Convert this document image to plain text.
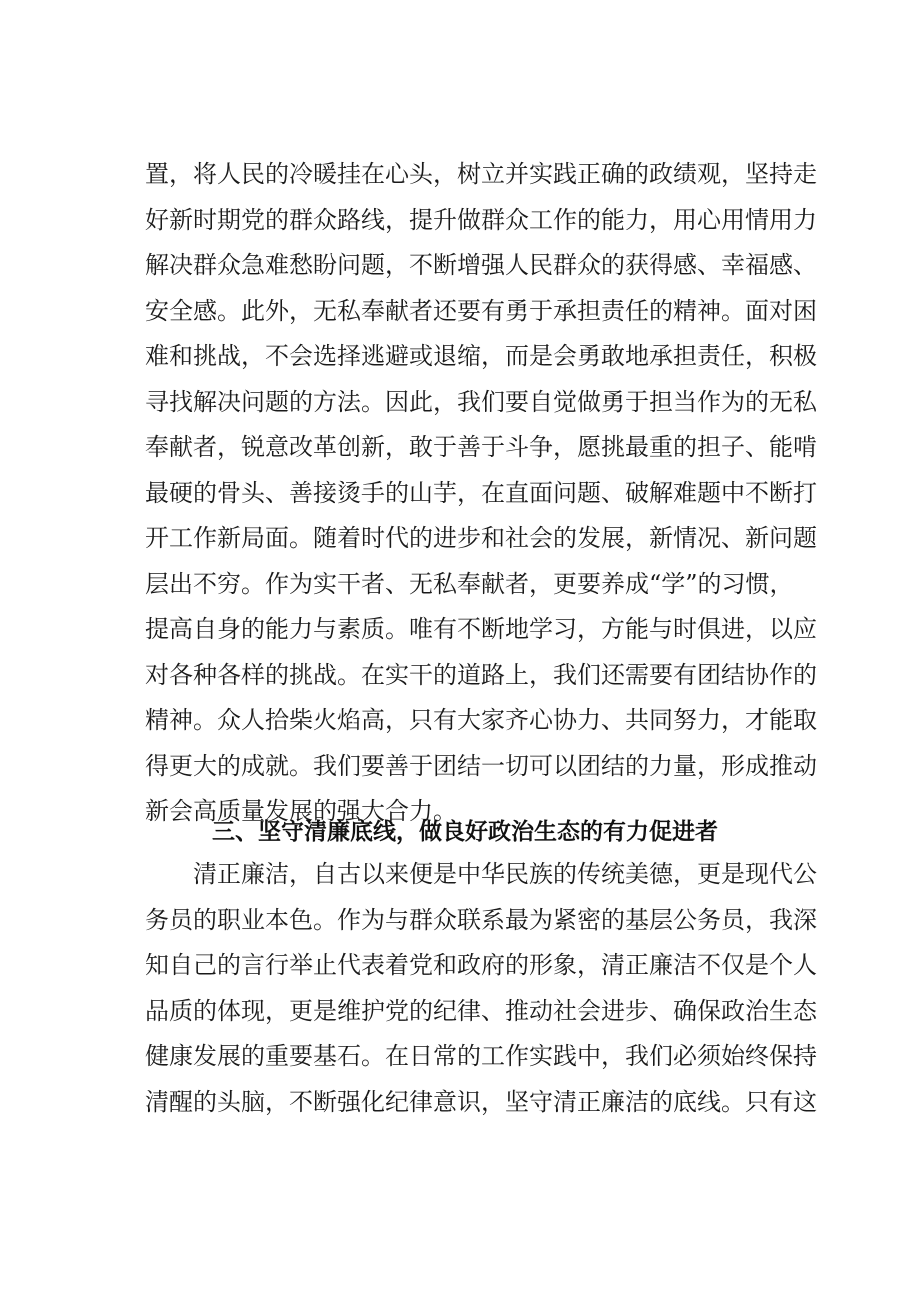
置，将人民的冷暖挂在心头，树立并实践正确的政绩观，坚持走
好新时期党的群众路线，提升做群众工作的能力，用心用情用力
解决群众急难愁盼问题，不断增强人民群众的获得感、幸福感、
安全感。此外，无私奉献者还要有勇于承担责任的精神。面对困
难和挑战，不会选择逃避或退缩，而是会勇敢地承担责任，积极
寻找解决问题的方法。因此，我们要自觉做勇于担当作为的无私
奉献者，锐意改革创新，敢于善于斗争，愿挑最重的担子、能啃
最硬的骨头、善接烫手的山芋，在直面问题、破解难题中不断打
开工作新局面。随着时代的进步和社会的发展，新情况、新问题
层出不穷。作为实干者、无私奉献者，更要养成“学”的习惯，
提高自身的能力与素质。唯有不断地学习，方能与时俱进，以应
对各种各样的挑战。在实干的道路上，我们还需要有团结协作的
精神。众人拾柴火焰高，只有大家齐心协力、共同努力，才能取
得更大的成就。我们要善于团结一切可以团结的力量，形成推动
新会高质量发展的强大合力。
三、坚守清廉底线，做良好政治生态的有力促进者
清正廉洁，自古以来便是中华民族的传统美德，更是现代公
务员的职业本色。作为与群众联系最为紧密的基层公务员，我深
知自己的言行举止代表着党和政府的形象，清正廉洁不仅是个人
品质的体现，更是维护党的纪律、推动社会进步、确保政治生态
健康发展的重要基石。在日常的工作实践中，我们必须始终保持
清醒的头脑，不断强化纪律意识，坚守清正廉洁的底线。只有这
